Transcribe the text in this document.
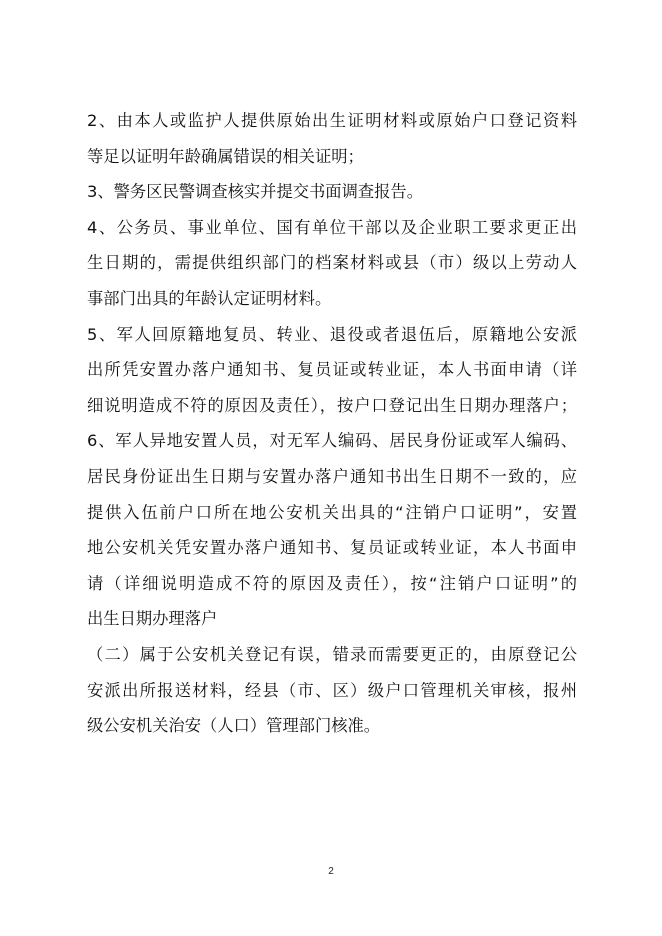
2、由本人或监护人提供原始出生证明材料或原始户口登记资料
等足以证明年龄确属错误的相关证明；
3、警务区民警调查核实并提交书面调查报告。
4、公务员、事业单位、国有单位干部以及企业职工要求更正出
生日期的，需提供组织部门的档案材料或县（市）级以上劳动人
事部门出具的年龄认定证明材料。
5、军人回原籍地复员、转业、退役或者退伍后，原籍地公安派
出所凭安置办落户通知书、复员证或转业证，本人书面申请（详
细说明造成不符的原因及责任），按户口登记出生日期办理落户；
6、军人异地安置人员，对无军人编码、居民身份证或军人编码、
居民身份证出生日期与安置办落户通知书出生日期不一致的，应
提供入伍前户口所在地公安机关出具的“注销户口证明”，安置
地公安机关凭安置办落户通知书、复员证或转业证，本人书面申
请（详细说明造成不符的原因及责任），按“注销户口证明”的
出生日期办理落户
（二）属于公安机关登记有误，错录而需要更正的，由原登记公
安派出所报送材料，经县（市、区）级户口管理机关审核，报州
级公安机关治安（人口）管理部门核准。
2
